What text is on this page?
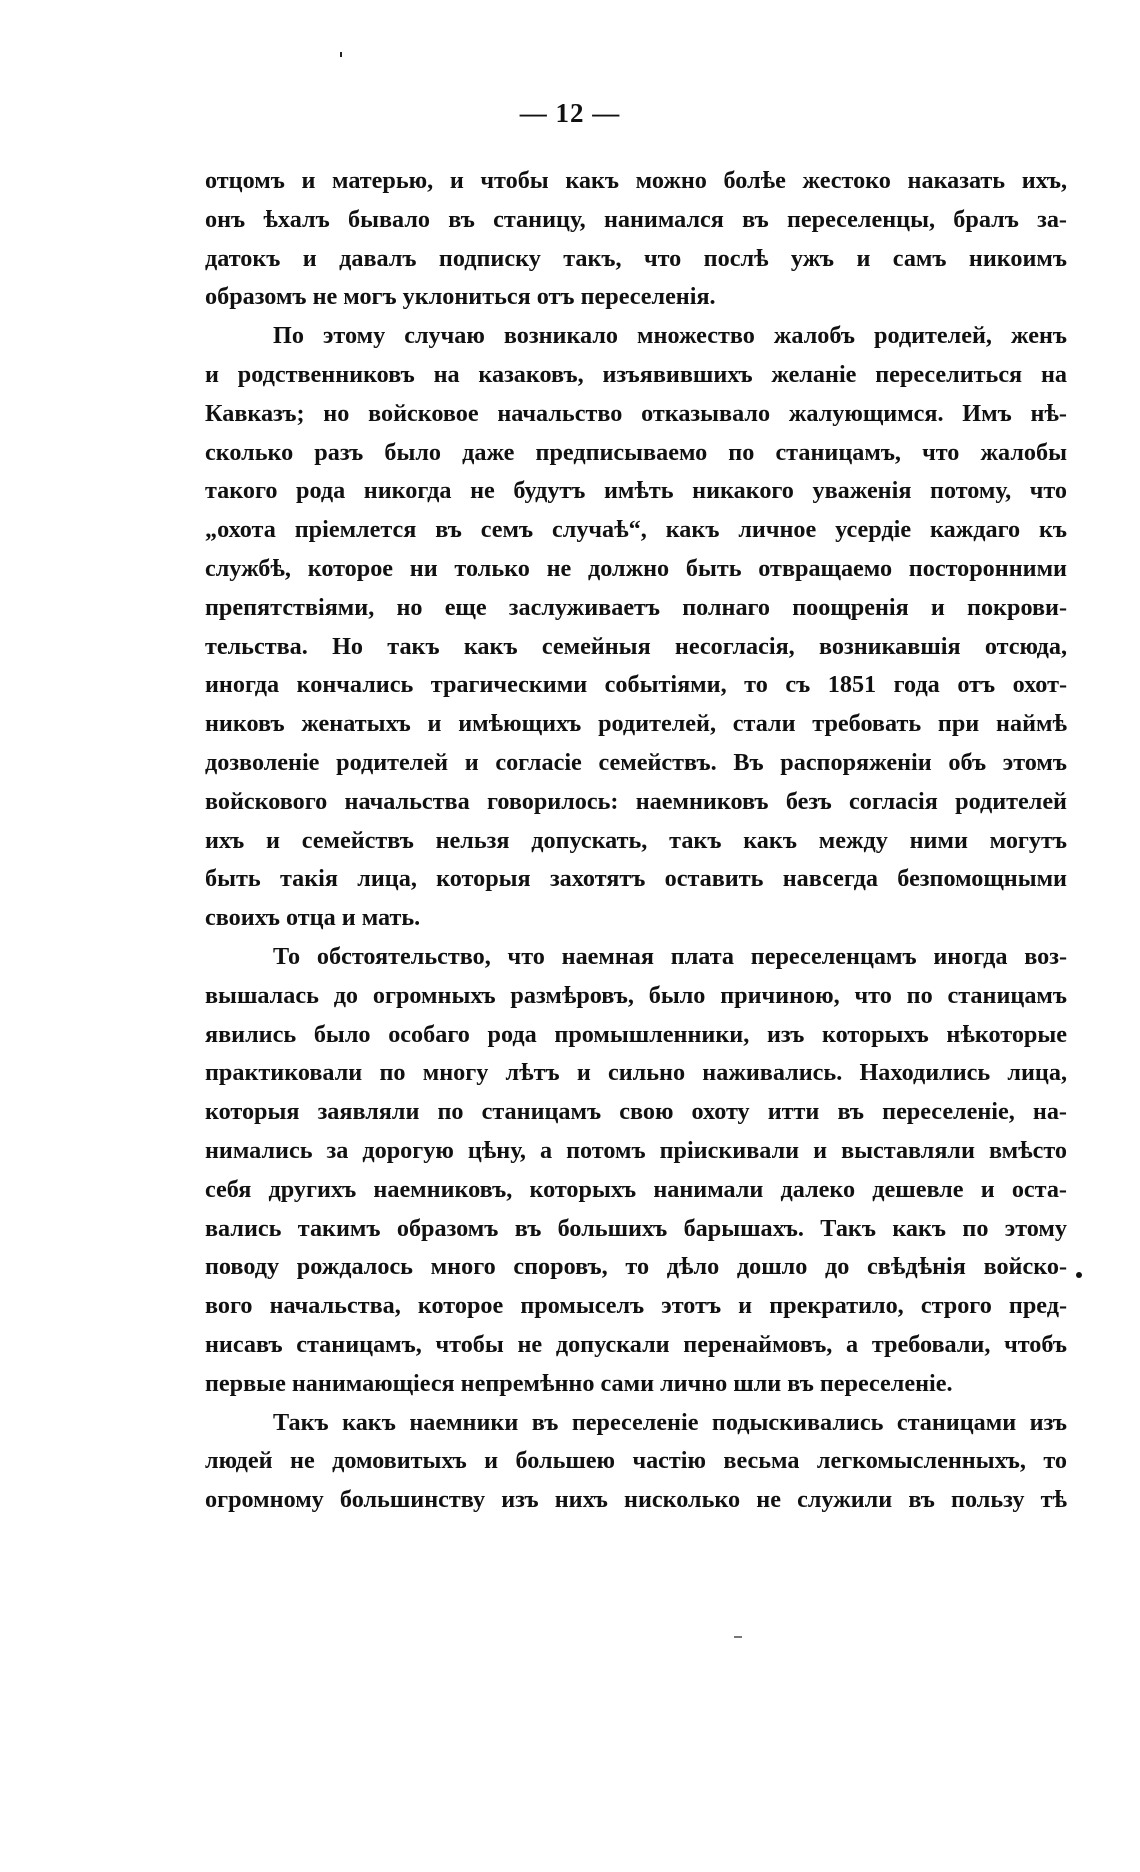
— 12 —

отцомъ и матерью, и чтобы какъ можно болѣе жестоко наказать ихъ,
онъ ѣхалъ бывало въ станицу, нанимался въ переселенцы, бралъ за-
датокъ и давалъ подписку такъ, что послѣ ужъ и самъ никоимъ
образомъ не могъ уклониться отъ переселенія.

По этому случаю возникало множество жалобъ родителей, женъ
и родственниковъ на казаковъ, изъявившихъ желаніе переселиться на
Кавказъ; но войсковое начальство отказывало жалующимся. Имъ нѣ-
сколько разъ было даже предписываемо по станицамъ, что жалобы
такого рода никогда не будутъ имѣть никакого уваженія потому, что
„охота пріемлется въ семъ случаѣ“, какъ личное усердіе каждаго къ
службѣ, которое ни только не должно быть отвращаемо посторонними
препятствіями, но еще заслуживаетъ полнаго поощренія и покрови-
тельства. Но такъ какъ семейныя несогласія, возникавшія отсюда,
иногда кончались трагическими событіями, то съ 1851 года отъ охот-
никовъ женатыхъ и имѣющихъ родителей, стали требовать при наймѣ
дозволеніе родителей и согласіе семействъ. Въ распоряженіи объ этомъ
войскового начальства говорилось: наемниковъ безъ согласія родителей
ихъ и семействъ нельзя допускать, такъ какъ между ними могутъ
быть такія лица, которыя захотятъ оставить навсегда безпомощными
своихъ отца и мать.

То обстоятельство, что наемная плата переселенцамъ иногда воз-
вышалась до огромныхъ размѣровъ, было причиною, что по станицамъ
явились было особаго рода промышленники, изъ которыхъ нѣкоторые
практиковали по многу лѣтъ и сильно наживались. Находились лица,
которыя заявляли по станицамъ свою охоту итти въ переселеніе, на-
нимались за дорогую цѣну, а потомъ пріискивали и выставляли вмѣсто
себя другихъ наемниковъ, которыхъ нанимали далеко дешевле и оста-
вались такимъ образомъ въ большихъ барышахъ. Такъ какъ по этому
поводу рождалось много споровъ, то дѣло дошло до свѣдѣнія войско-
вого начальства, которое промыселъ этотъ и прекратило, строго пред-
нисавъ станицамъ, чтобы не допускали перенаймовъ, а требовали, чтобъ
первые нанимающіеся непремѣнно сами лично шли въ переселеніе.

Такъ какъ наемники въ переселеніе подыскивались станицами изъ
людей не домовитыхъ и большею частію весьма легкомысленныхъ, то
огромному большинству изъ нихъ нисколько не служили въ пользу тѣ
